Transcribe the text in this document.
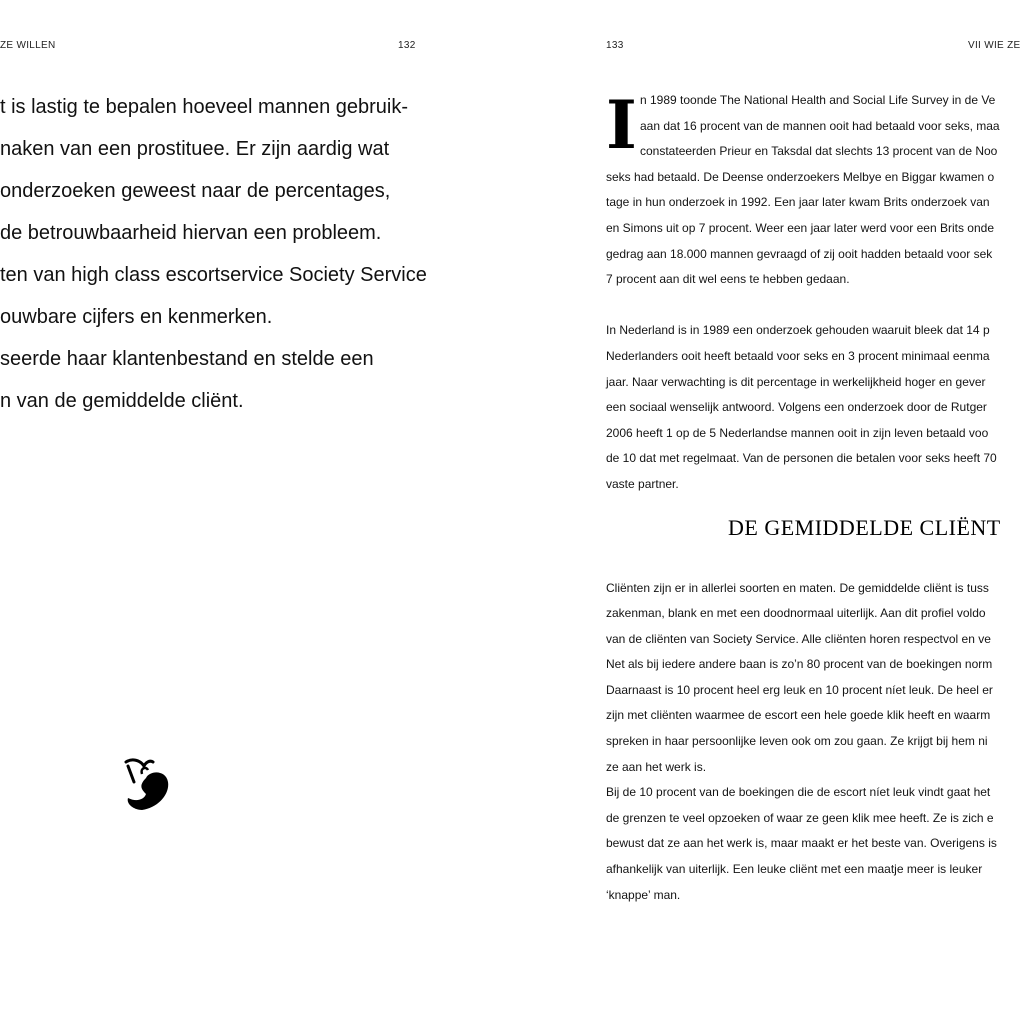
ZE WILLEN	132
t is lastig te bepalen hoeveel mannen gebruik-
naken van een prostituee. Er zijn aardig wat
onderzoeken geweest naar de percentages,
de betrouwbaarheid hiervan een probleem.
ten van high class escortservice Society Service
ouwbare cijfers en kenmerken.
seerde haar klantenbestand en stelde een
n van de gemiddelde cliënt.
133	VII WIE ZE
I n 1989 toonde The National Health and Social Life Survey in de Ve
aan dat 16 procent van de mannen ooit had betaald voor seks, maa
constateerden Prieur en Taksdal dat slechts 13 procent van de Noo
seks had betaald. De Deense onderzoekers Melbye en Biggar kwamen o
tage in hun onderzoek in 1992. Een jaar later kwam Brits onderzoek van
en Simons uit op 7 procent. Weer een jaar later werd voor een Brits onde
gedrag aan 18.000 mannen gevraagd of zij ooit hadden betaald voor sek
7 procent aan dit wel eens te hebben gedaan.
In Nederland is in 1989 een onderzoek gehouden waaruit bleek dat 14 p
Nederlanders ooit heeft betaald voor seks en 3 procent minimaal eenma
jaar. Naar verwachting is dit percentage in werkelijkheid hoger en gever
een sociaal wenselijk antwoord. Volgens een onderzoek door de Rutger
2006 heeft 1 op de 5 Nederlandse mannen ooit in zijn leven betaald voo
de 10 dat met regelmaat. Van de personen die betalen voor seks heeft 70
vaste partner.
DE GEMIDDELDE CLIËNT
Cliënten zijn er in allerlei soorten en maten. De gemiddelde cliënt is tuss
zakenman, blank en met een doodnormaal uiterlijk. Aan dit profiel voldo
van de cliënten van Society Service. Alle cliënten horen respectvol en ve
Net als bij iedere andere baan is zo’n 80 procent van de boekingen norm
Daarnaast is 10 procent heel erg leuk en 10 procent níet leuk. De heel er
zijn met cliënten waarmee de escort een hele goede klik heeft en waarm
spreken in haar persoonlijke leven ook om zou gaan. Ze krijgt bij hem ni
ze aan het werk is.
Bij de 10 procent van de boekingen die de escort níet leuk vindt gaat het
de grenzen te veel opzoeken of waar ze geen klik mee heeft. Ze is zich e
bewust dat ze aan het werk is, maar maakt er het beste van. Overigens is
afhankelijk van uiterlijk. Een leuke cliënt met een maatje meer is leuker
‘knappe’ man.
